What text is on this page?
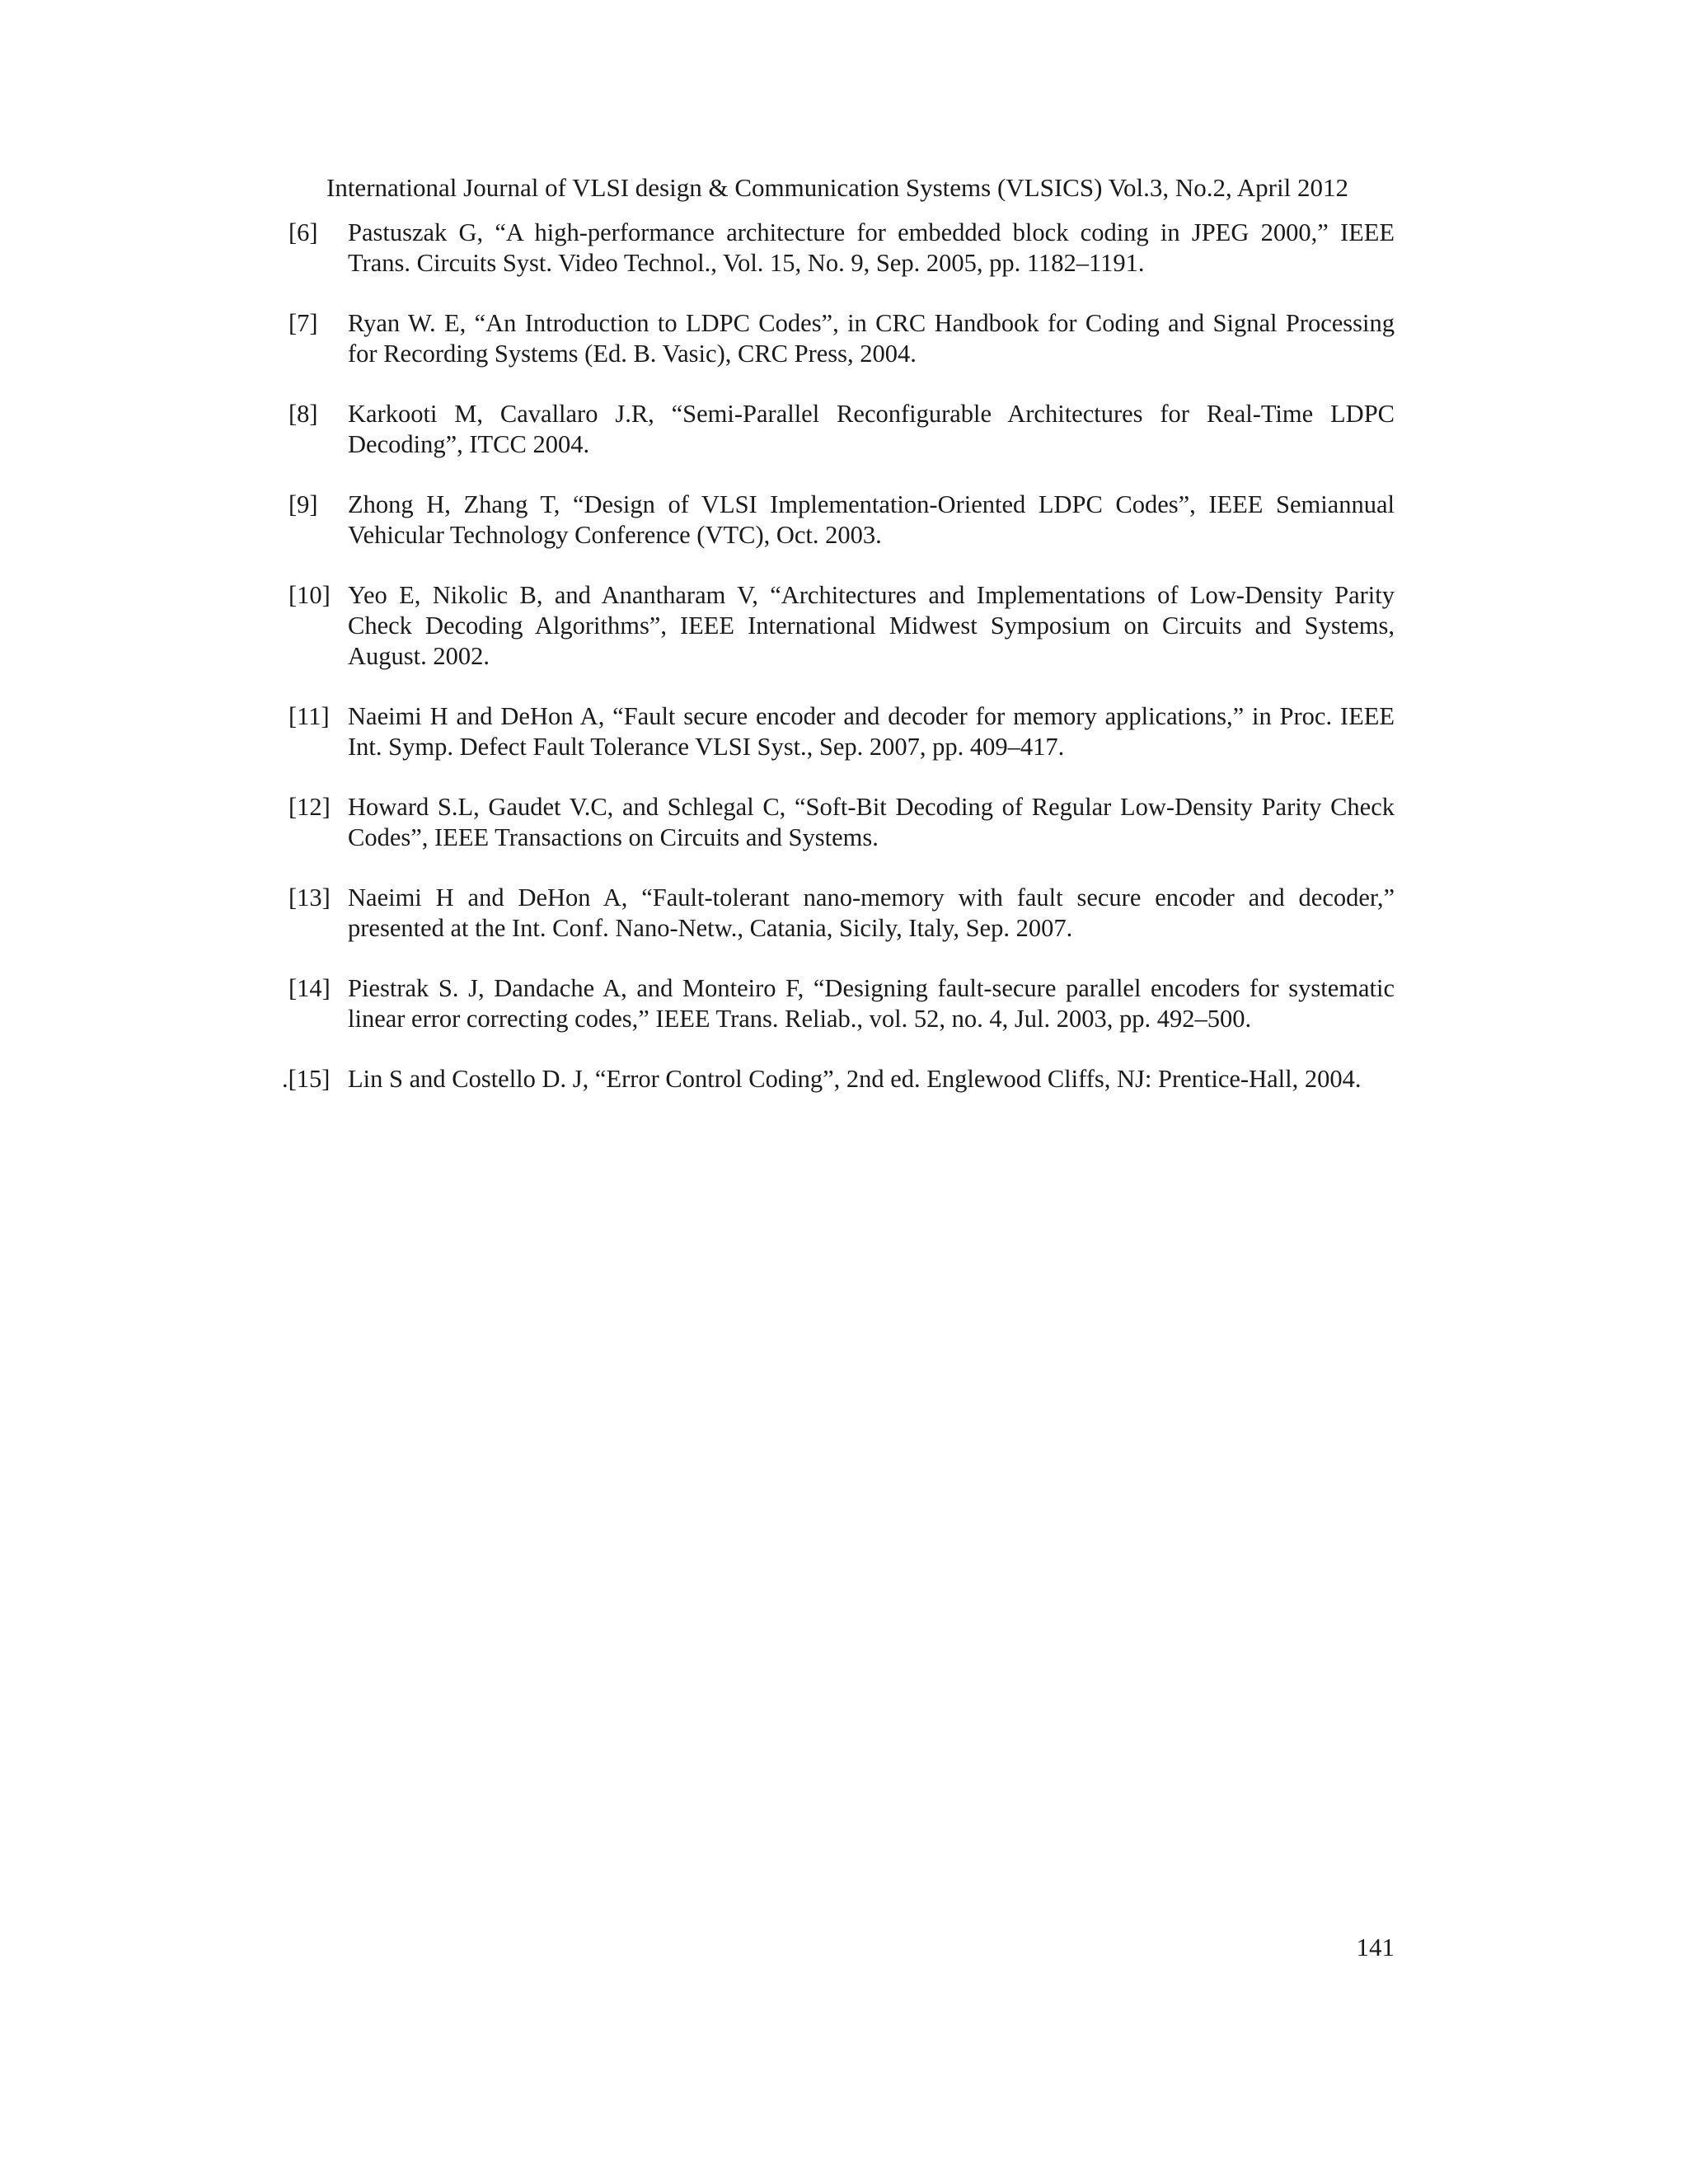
International Journal of VLSI design & Communication Systems (VLSICS) Vol.3, No.2, April 2012
[6]	Pastuszak G, “A high-performance architecture for embedded block coding in JPEG 2000,” IEEE Trans. Circuits Syst. Video Technol., Vol. 15, No. 9, Sep. 2005, pp. 1182–1191.
[7]	Ryan W. E, “An Introduction to LDPC Codes”, in CRC Handbook for Coding and Signal Processing for Recording Systems (Ed. B. Vasic), CRC Press, 2004.
[8]	Karkooti M, Cavallaro J.R, “Semi-Parallel Reconfigurable Architectures for Real-Time LDPC Decoding”, ITCC 2004.
[9]	Zhong H, Zhang T, “Design of VLSI Implementation-Oriented LDPC Codes”, IEEE Semiannual Vehicular Technology Conference (VTC), Oct. 2003.
[10] Yeo E, Nikolic B, and Anantharam V, “Architectures and Implementations of Low-Density Parity Check Decoding Algorithms”, IEEE International Midwest Symposium on Circuits and Systems, August. 2002.
[11] Naeimi H and DeHon A, “Fault secure encoder and decoder for memory applications,” in Proc. IEEE Int. Symp. Defect Fault Tolerance VLSI Syst., Sep. 2007, pp. 409–417.
[12] Howard S.L, Gaudet V.C, and Schlegal C, “Soft-Bit Decoding of Regular Low-Density Parity Check Codes”, IEEE Transactions on Circuits and Systems.
[13] Naeimi H and DeHon A, “Fault-tolerant nano-memory with fault secure encoder and decoder,” presented at the Int. Conf. Nano-Netw., Catania, Sicily, Italy, Sep. 2007.
[14] Piestrak S. J, Dandache A, and Monteiro F, “Designing fault-secure parallel encoders for systematic linear error correcting codes,” IEEE Trans. Reliab., vol. 52, no. 4, Jul. 2003, pp. 492–500.
.[15] Lin S and Costello D. J, “Error Control Coding”, 2nd ed. Englewood Cliffs, NJ: Prentice-Hall, 2004.
141
